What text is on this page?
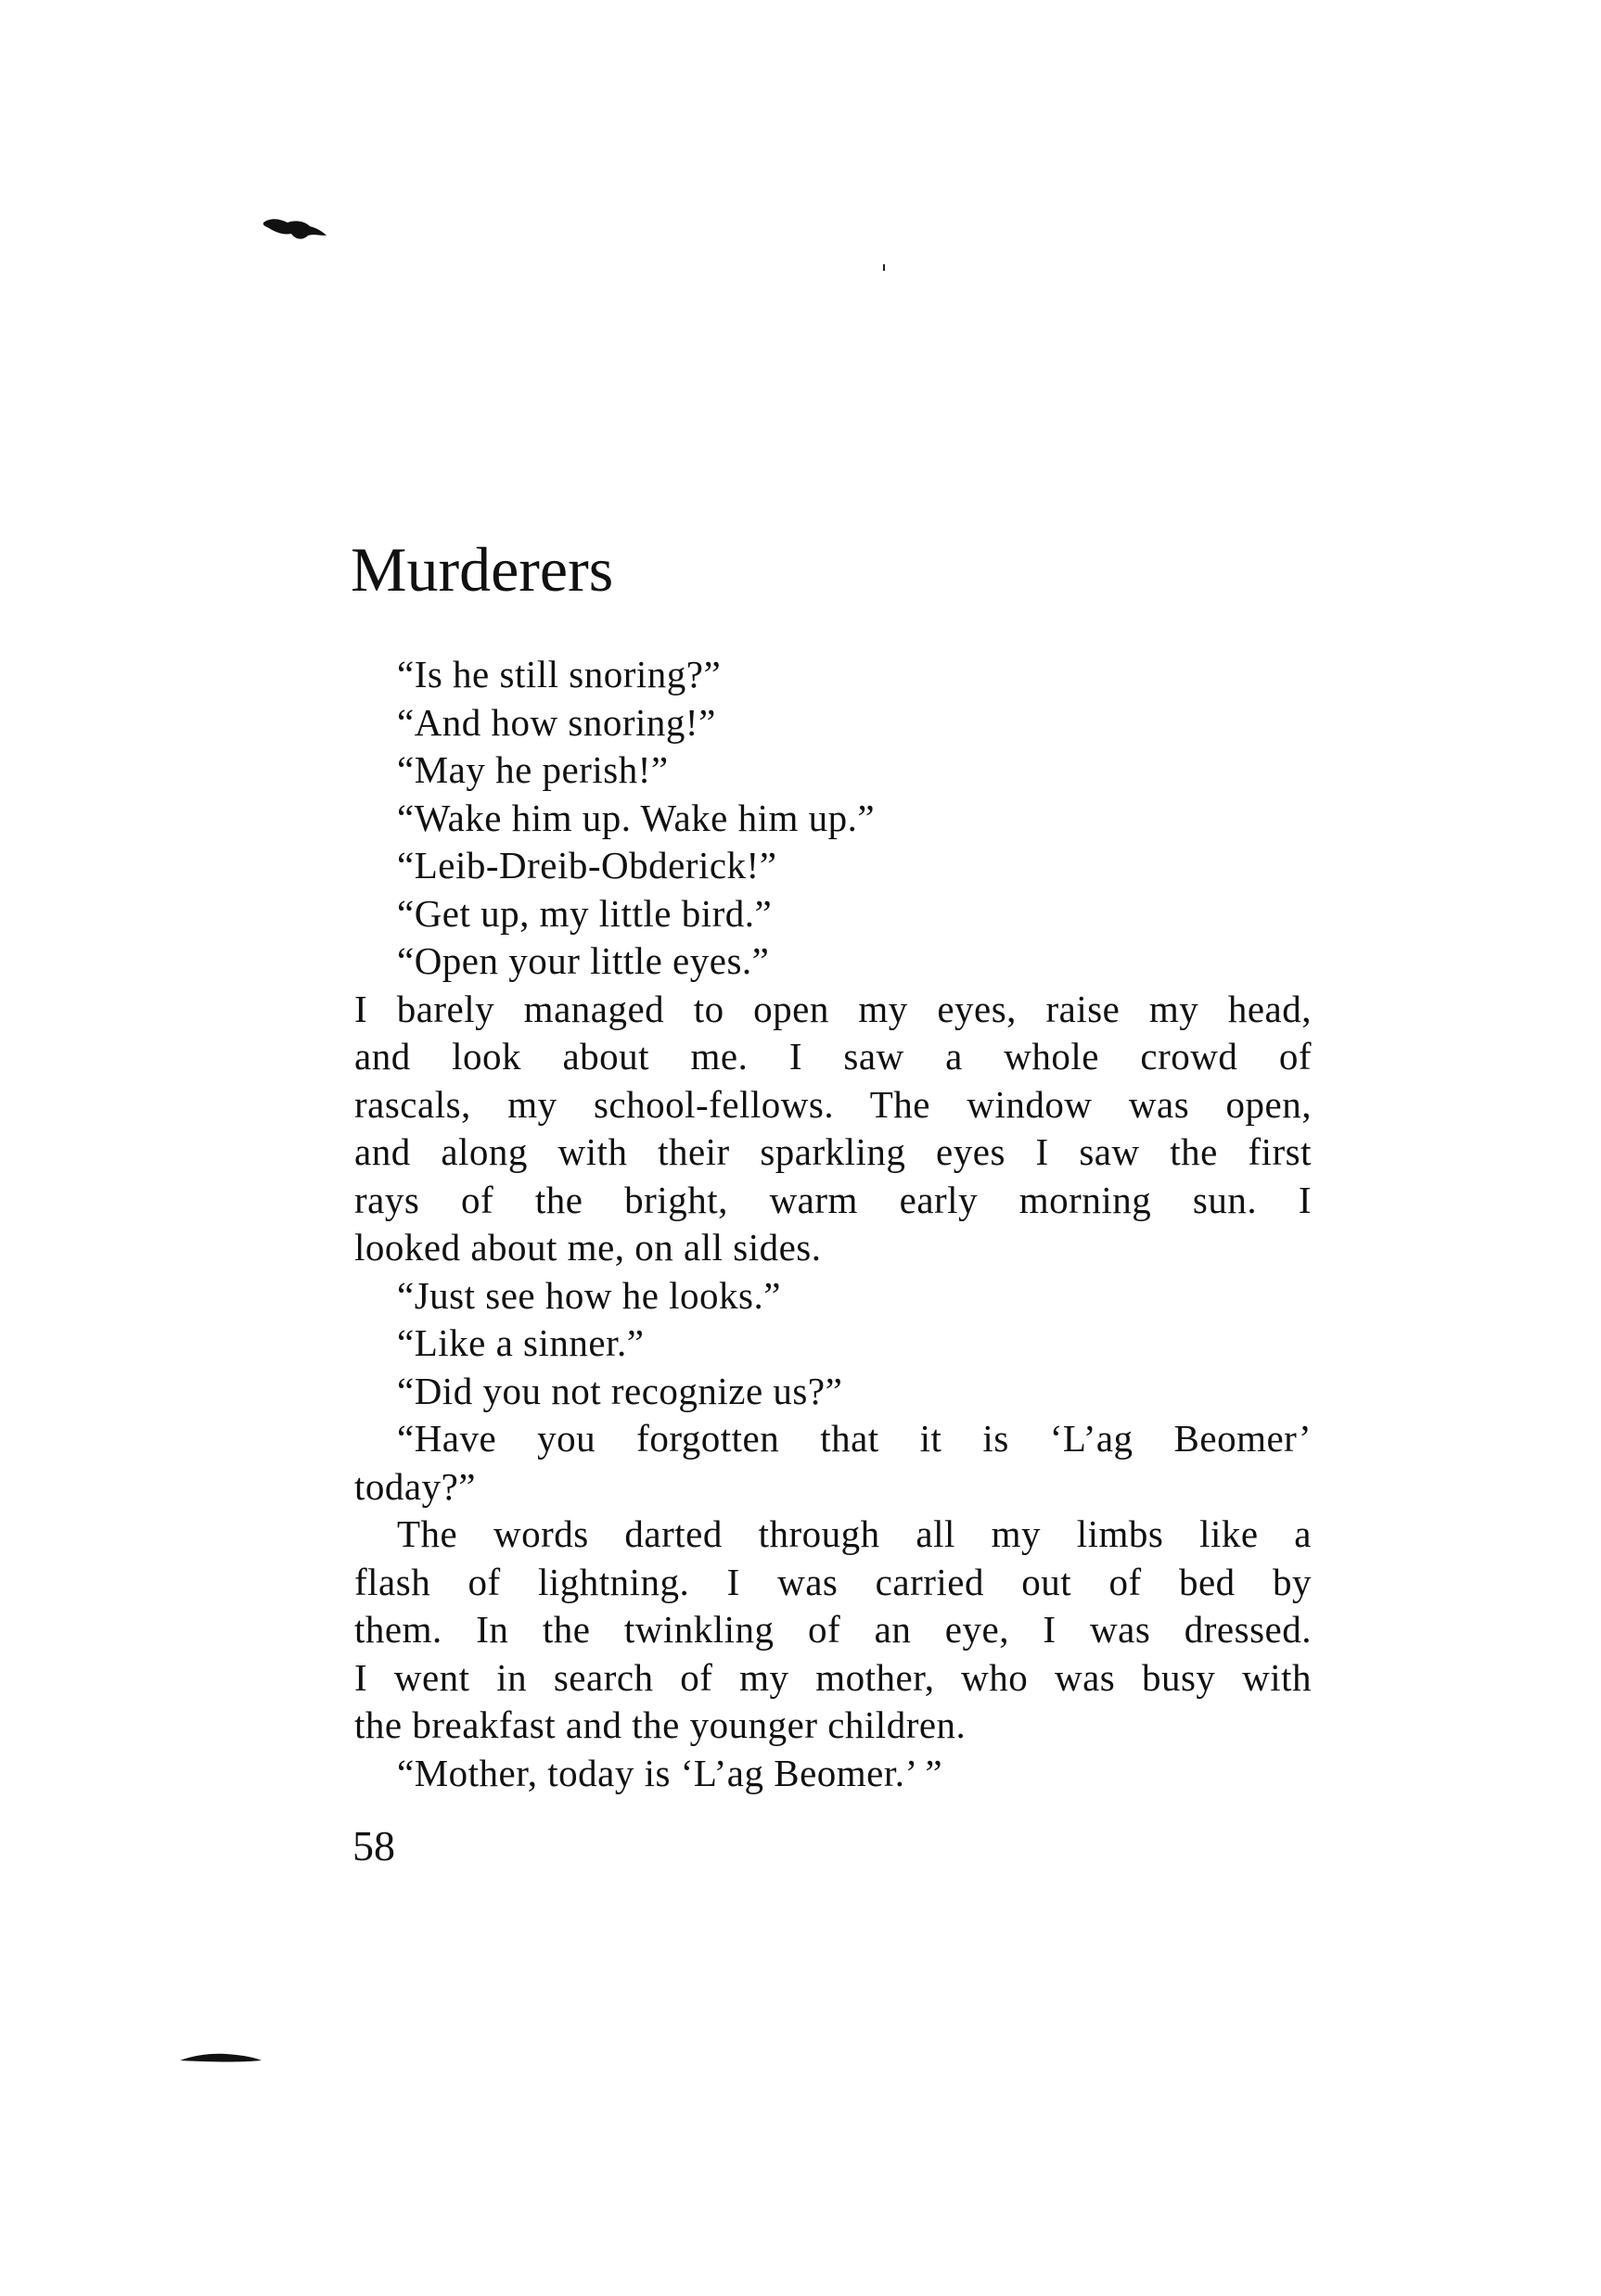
Murderers
“Is he still snoring?”
“And how snoring!”
“May he perish!”
“Wake him up. Wake him up.”
“Leib-Dreib-Obderick!”
“Get up, my little bird.”
“Open your little eyes.”
I barely managed to open my eyes, raise my head,
and look about me. I saw a whole crowd of
rascals, my school-fellows. The window was open,
and along with their sparkling eyes I saw the first
rays of the bright, warm early morning sun. I
looked about me, on all sides.
“Just see how he looks.”
“Like a sinner.”
“Did you not recognize us?”
“Have you forgotten that it is ‘L’ag Beomer’
today?”
The words darted through all my limbs like a
flash of lightning. I was carried out of bed by
them. In the twinkling of an eye, I was dressed.
I went in search of my mother, who was busy with
the breakfast and the younger children.
“Mother, today is ‘L’ag Beomer.’ ”
58
